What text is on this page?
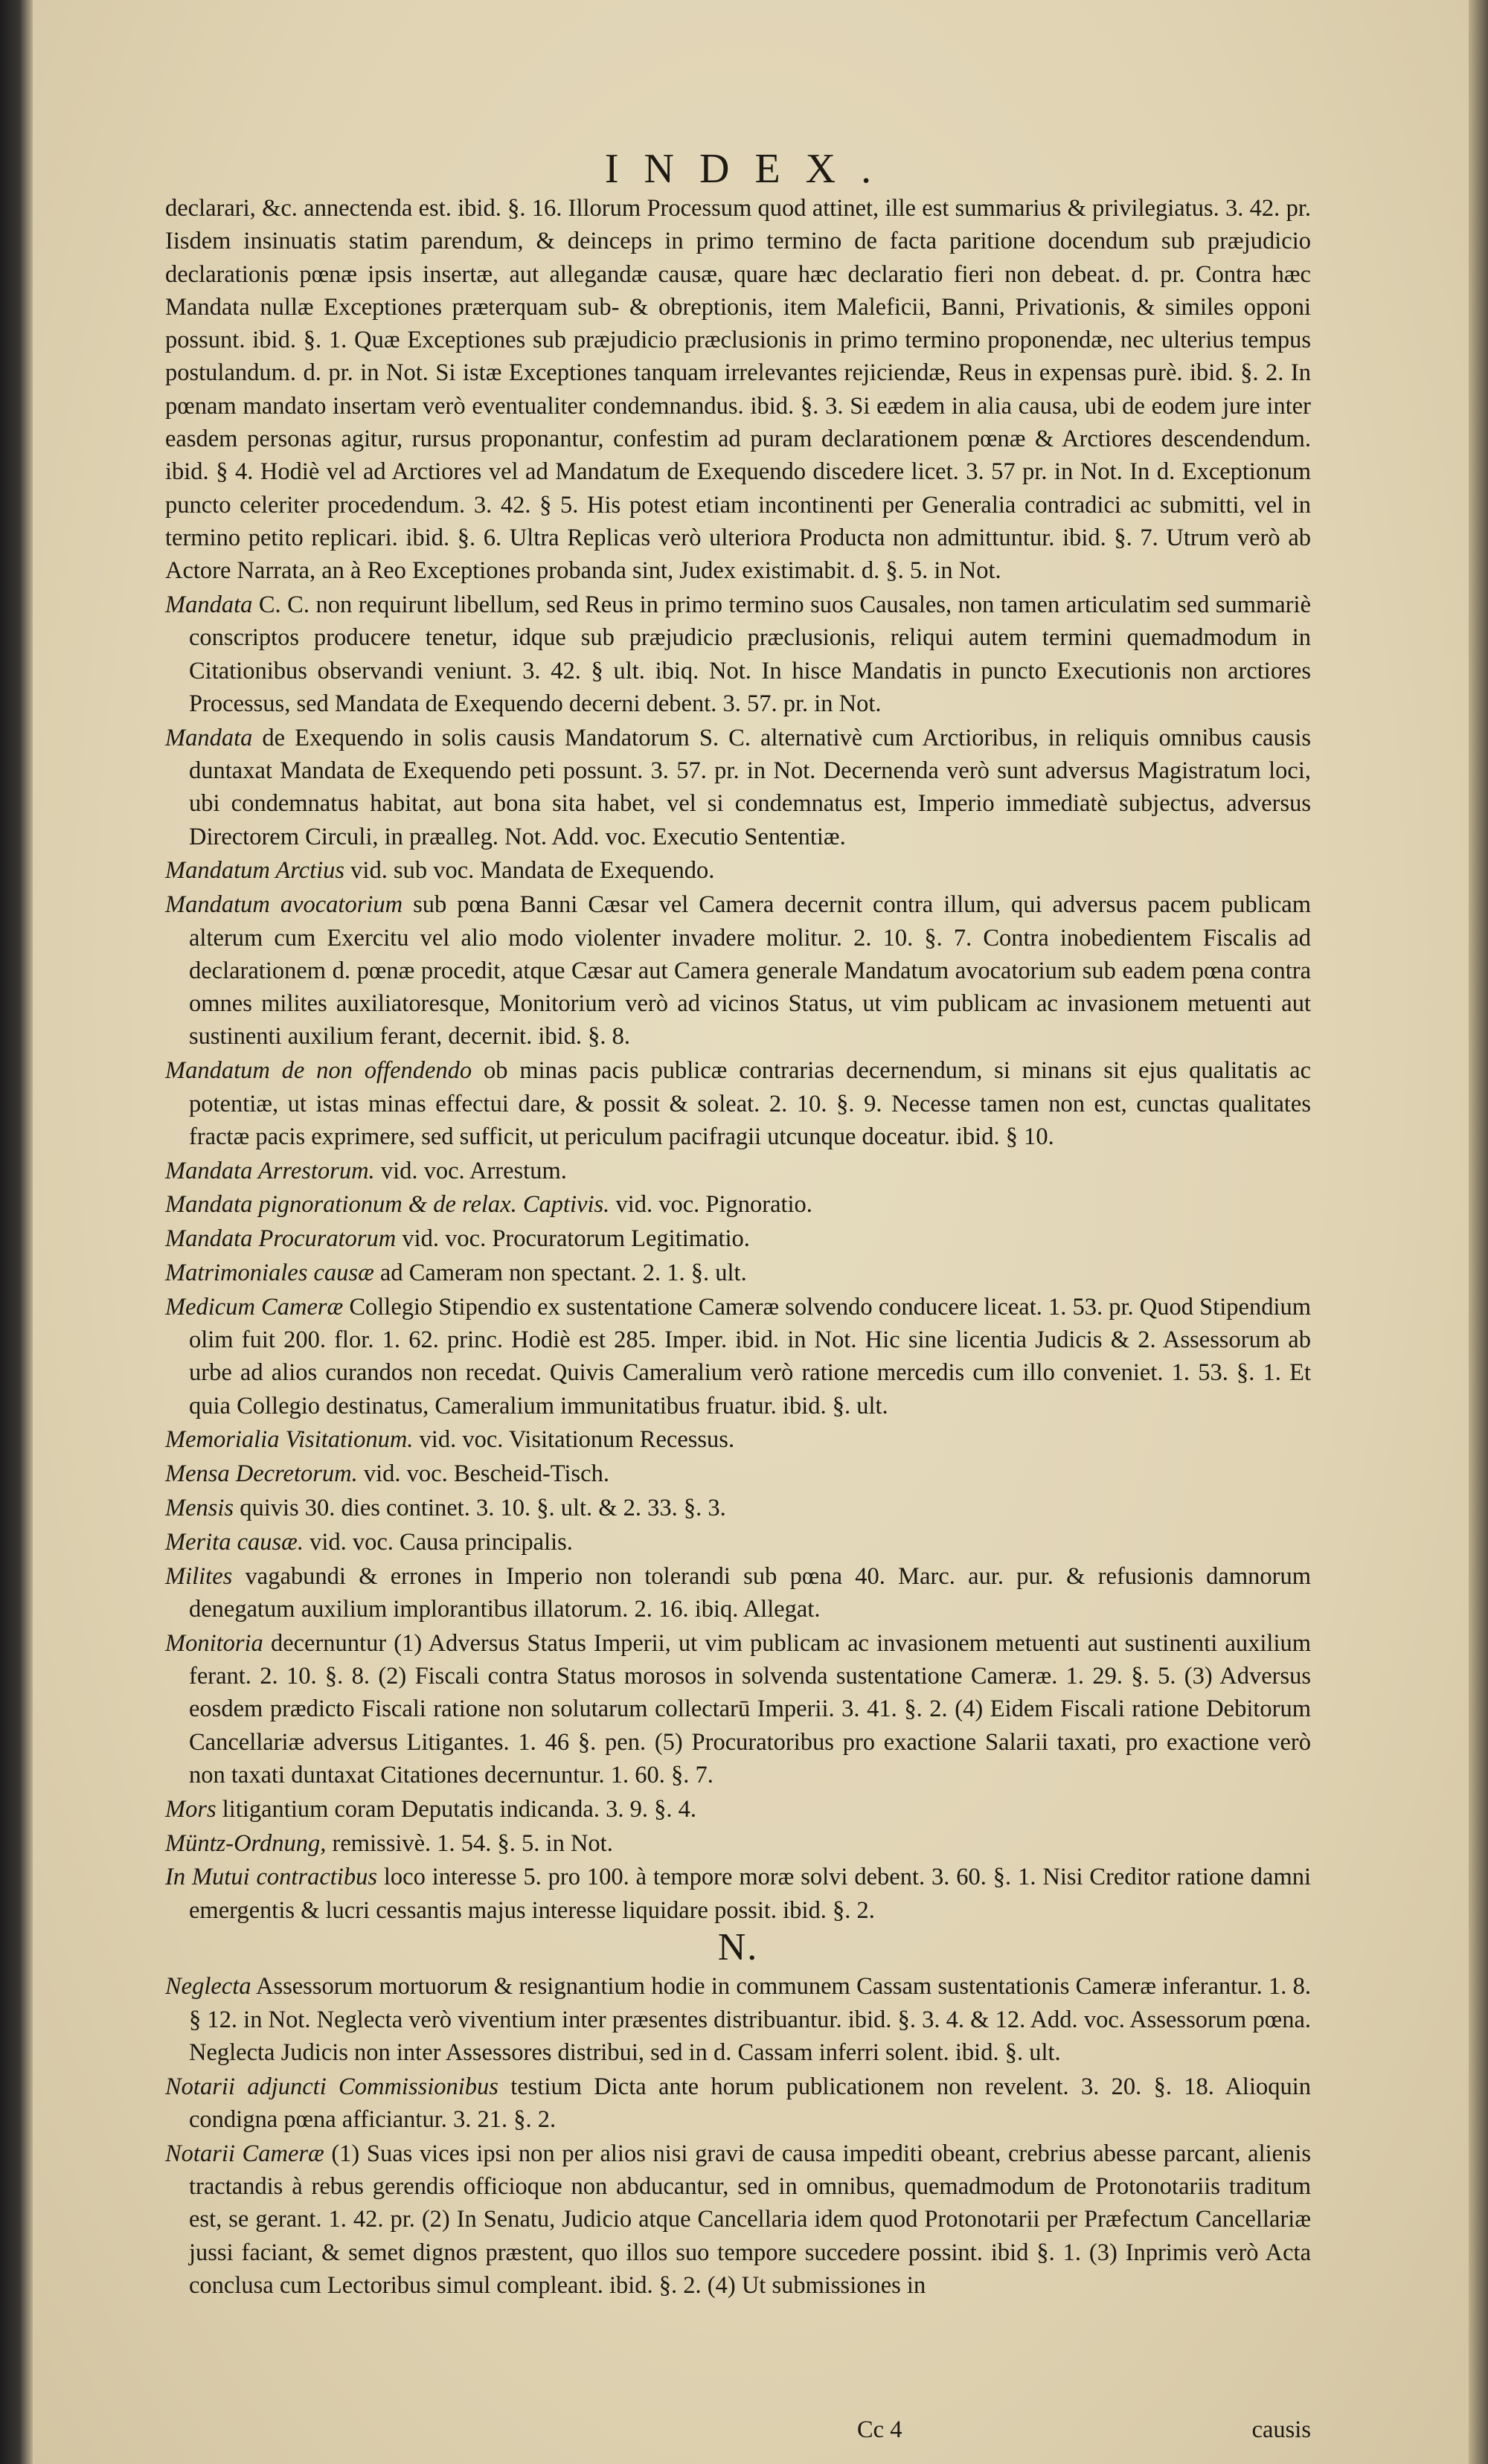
INDEX.
declarari, &c. annectenda est. ibid. §. 16. Illorum Processum quod attinet, ille est summarius & privilegiatus. 3. 42. pr. Iisdem insinuatis statim parendum, & deinceps in primo termino de facta paritione docendum sub præjudicio declarationis pœnæ ipsis insertæ, aut allegandæ causæ, quare hæc declaratio fieri non debeat. d. pr. Contra hæc Mandata nullæ Exceptiones præterquam sub- & obreptionis, item Maleficii, Banni, Privationis, & similes opponi possunt. ibid. §. 1. Quæ Exceptiones sub præjudicio præclusionis in primo termino proponendæ, nec ulterius tempus postulandum. d. pr. in Not. Si istæ Exceptiones tanquam irrelevantes rejiciendæ, Reus in expensas purè. ibid. §. 2. In pœnam mandato insertam verò eventualiter condemnandus. ibid. §. 3. Si eædem in alia causa, ubi de eodem jure inter easdem personas agitur, rursus proponantur, confestim ad puram declarationem pœnæ & Arctiores descendendum. ibid. § 4. Hodiè vel ad Arctiores vel ad Mandatum de Exequendo discedere licet. 3. 57 pr. in Not. In d. Exceptionum puncto celeriter procedendum. 3. 42. § 5. His potest etiam incontinenti per Generalia contradici ac submitti, vel in termino petito replicari. ibid. §. 6. Ultra Replicas verò ulteriora Producta non admittuntur. ibid. §. 7. Utrum verò ab Actore Narrata, an à Reo Exceptiones probanda sint, Judex existimabit. d. §. 5. in Not.
Mandata C. C. non requirunt libellum, sed Reus in primo termino suos Causales, non tamen articulatim sed summariè conscriptos producere tenetur, idque sub præjudicio præclusionis, reliqui autem termini quemadmodum in Citationibus observandi veniunt. 3. 42. § ult. ibiq. Not. In hisce Mandatis in puncto Executionis non arctiores Processus, sed Mandata de Exequendo decerni debent. 3. 57. pr. in Not.
Mandata de Exequendo in solis causis Mandatorum S. C. alternativè cum Arctioribus, in reliquis omnibus causis duntaxat Mandata de Exequendo peti possunt. 3. 57. pr. in Not. Decernenda verò sunt adversus Magistratum loci, ubi condemnatus habitat, aut bona sita habet, vel si condemnatus est, Imperio immediatè subjectus, adversus Directorem Circuli, in præalleg. Not. Add. voc. Executio Sententiæ.
Mandatum Arctius vid. sub voc. Mandata de Exequendo.
Mandatum avocatorium sub pœna Banni Cæsar vel Camera decernit contra illum, qui adversus pacem publicam alterum cum Exercitu vel alio modo violenter invadere molitur. 2. 10. §. 7. Contra inobedientem Fiscalis ad declarationem d. pœnæ procedit, atque Cæsar aut Camera generale Mandatum avocatorium sub eadem pœna contra omnes milites auxiliatoresque, Monitorium verò ad vicinos Status, ut vim publicam ac invasionem metuenti aut sustinenti auxilium ferant, decernit. ibid. §. 8.
Mandatum de non offendendo ob minas pacis publicæ contrarias decernendum, si minans sit ejus qualitatis ac potentiæ, ut istas minas effectui dare, & possit & soleat. 2. 10. §. 9. Necesse tamen non est, cunctas qualitates fractæ pacis exprimere, sed sufficit, ut periculum pacifragii utcunque doceatur. ibid. § 10.
Mandata Arrestorum. vid. voc. Arrestum.
Mandata pignorationum & de relax. Captivis. vid. voc. Pignoratio.
Mandata Procuratorum vid. voc. Procuratorum Legitimatio.
Matrimoniales causæ ad Cameram non spectant. 2. 1. §. ult.
Medicum Cameræ Collegio Stipendio ex sustentatione Cameræ solvendo conducere liceat. 1. 53. pr. Quod Stipendium olim fuit 200. flor. 1. 62. princ. Hodiè est 285. Imper. ibid. in Not. Hic sine licentia Judicis & 2. Assessorum ab urbe ad alios curandos non recedat. Quivis Cameralium verò ratione mercedis cum illo conveniet. 1. 53. §. 1. Et quia Collegio destinatus, Cameralium immunitatibus fruatur. ibid. §. ult.
Memorialia Visitationum. vid. voc. Visitationum Recessus.
Mensa Decretorum. vid. voc. Bescheid-Tisch.
Mensis quivis 30. dies continet. 3. 10. §. ult. & 2. 33. §. 3.
Merita causæ. vid. voc. Causa principalis.
Milites vagabundi & errones in Imperio non tolerandi sub pœna 40. Marc. aur. pur. & refusionis damnorum denegatum auxilium implorantibus illatorum. 2. 16. ibiq. Allegat.
Monitoria decernuntur (1) Adversus Status Imperii, ut vim publicam ac invasionem metuenti aut sustinenti auxilium ferant. 2. 10. §. 8. (2) Fiscali contra Status morosos in solvenda sustentatione Cameræ. 1. 29. §. 5. (3) Adversus eosdem prædicto Fiscali ratione non solutarum collectarū Imperii. 3. 41. §. 2. (4) Eidem Fiscali ratione Debitorum Cancellariæ adversus Litigantes. 1. 46 §. pen. (5) Procuratoribus pro exactione Salarii taxati, pro exactione verò non taxati duntaxat Citationes decernuntur. 1. 60. §. 7.
Mors litigantium coram Deputatis indicanda. 3. 9. §. 4.
Müntz-Ordnung, remissivè. 1. 54. §. 5. in Not.
In Mutui contractibus loco interesse 5. pro 100. à tempore moræ solvi debent. 3. 60. §. 1. Nisi Creditor ratione damni emergentis & lucri cessantis majus interesse liquidare possit. ibid. §. 2.
N.
Neglecta Assessorum mortuorum & resignantium hodie in communem Cassam sustentationis Cameræ inferantur. 1. 8. § 12. in Not. Neglecta verò viventium inter præsentes distribuantur. ibid. §. 3. 4. & 12. Add. voc. Assessorum pœna. Neglecta Judicis non inter Assessores distribui, sed in d. Cassam inferri solent. ibid. §. ult.
Notarii adjuncti Commissionibus testium Dicta ante horum publicationem non revelent. 3. 20. §. 18. Alioquin condigna pœna afficiantur. 3. 21. §. 2.
Notarii Cameræ (1) Suas vices ipsi non per alios nisi gravi de causa impediti obeant, crebrius abesse parcant, alienis tractandis à rebus gerendis officioque non abducantur, sed in omnibus, quemadmodum de Protonotariis traditum est, se gerant. 1. 42. pr. (2) In Senatu, Judicio atque Cancellaria idem quod Protonotarii per Præfectum Cancellariæ jussi faciant, & semet dignos præstent, quo illos suo tempore succedere possint. ibid §. 1. (3) Inprimis verò Acta conclusa cum Lectoribus simul compleant. ibid. §. 2. (4) Ut submissiones in
Cc 4	causis
